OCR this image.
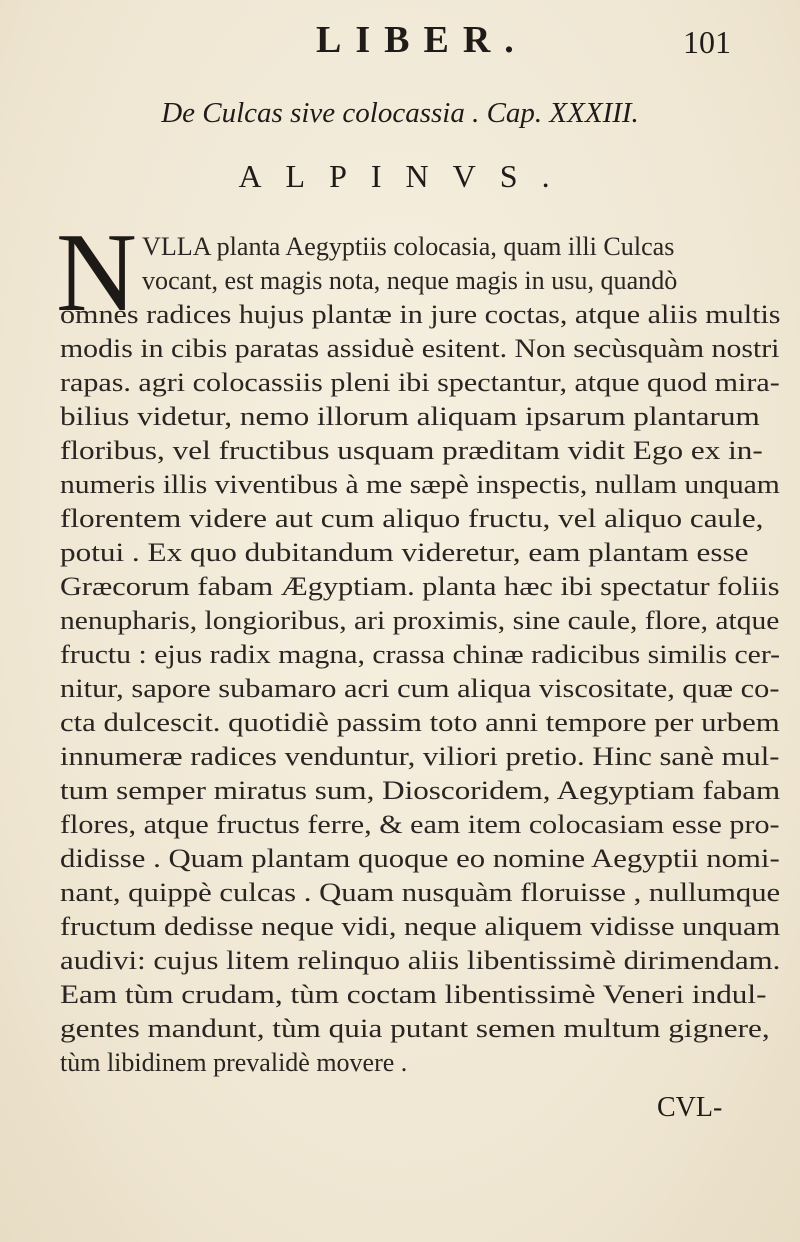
LIBER.	101
De Culcas sive colocassia . Cap. XXXIII.
ALPINVS.
N VLLA planta Aegyptiis colocasia, quam illi Culcas
vocant, est magis nota, neque magis in usu, quandò
omnes radices hujus plantæ in jure coctas, atque aliis multis
modis in cibis paratas assiduè esitent. Non secùsquàm nostri
rapas. agri colocassiis pleni ibi spectantur, atque quod mira-
bilius videtur, nemo illorum aliquam ipsarum plantarum
floribus, vel fructibus usquam præditam vidit Ego ex in-
numeris illis viventibus à me sæpè inspectis, nullam unquam
florentem videre aut cum aliquo fructu, vel aliquo caule,
potui . Ex quo dubitandum videretur, eam plantam esse
Græcorum fabam Ægyptiam. planta hæc ibi spectatur foliis
nenupharis, longioribus, ari proximis, sine caule, flore, atque
fructu : ejus radix magna, crassa chinæ radicibus similis cer-
nitur, sapore subamaro acri cum aliqua viscositate, quæ co-
cta dulcescit. quotidiè passim toto anni tempore per urbem
innumeræ radices venduntur, viliori pretio. Hinc sanè mul-
tum semper miratus sum, Dioscoridem, Aegyptiam fabam
flores, atque fructus ferre, & eam item colocasiam esse pro-
didisse . Quam plantam quoque eo nomine Aegyptii nomi-
nant, quippè culcas . Quam nusquàm floruisse , nullumque
fructum dedisse neque vidi, neque aliquem vidisse unquam
audivi: cujus litem relinquo aliis libentissimè dirimendam.
Eam tùm crudam, tùm coctam libentissimè Veneri indul-
gentes mandunt, tùm quia putant semen multum gignere,
tùm libidinem prevalidè movere .
CVL-
